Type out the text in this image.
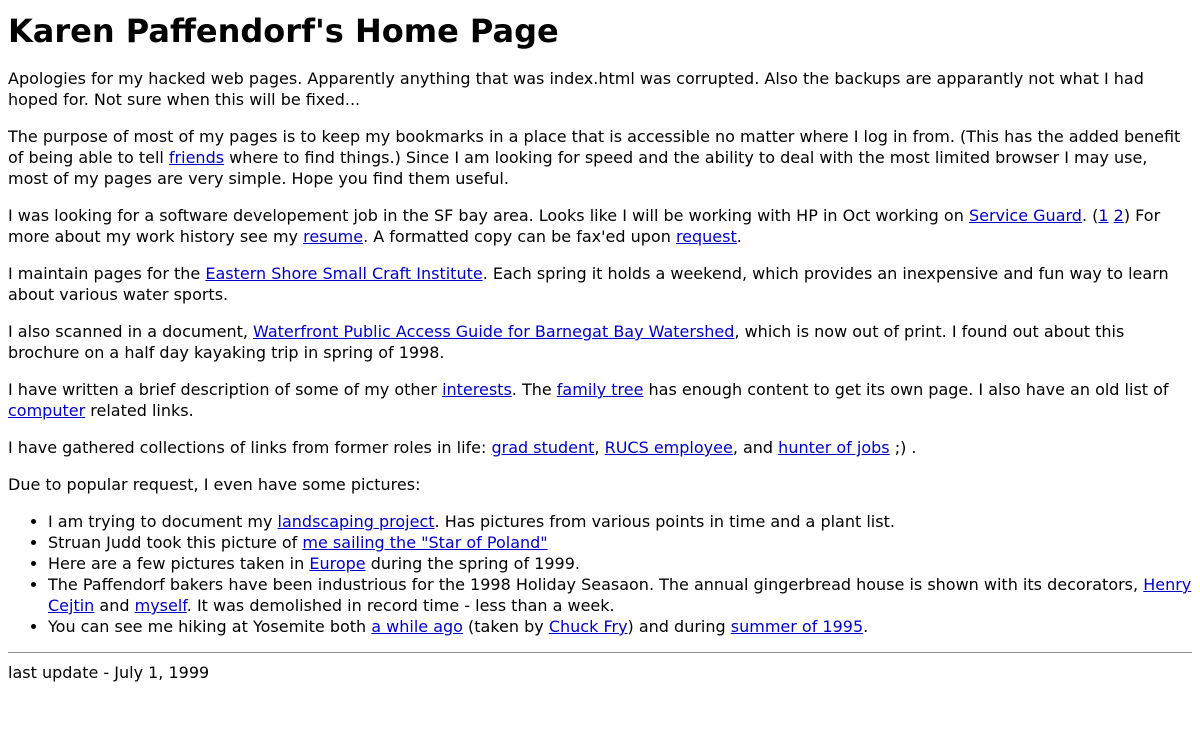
Karen Paffendorf's Home Page

Apologies for my hacked web pages. Apparently anything that was index.html was corrupted. Also the backups are apparantly not what I had hoped for. Not sure when this will be fixed...

The purpose of most of my pages is to keep my bookmarks in a place that is accessible no matter where I log in from. (This has the added benefit of being able to tell friends where to find things.) Since I am looking for speed and the ability to deal with the most limited browser I may use, most of my pages are very simple. Hope you find them useful.

I was looking for a software developement job in the SF bay area. Looks like I will be working with HP in Oct working on Service Guard. (1 2) For more about my work history see my resume. A formatted copy can be fax'ed upon request.

I maintain pages for the Eastern Shore Small Craft Institute. Each spring it holds a weekend, which provides an inexpensive and fun way to learn about various water sports.

I also scanned in a document, Waterfront Public Access Guide for Barnegat Bay Watershed, which is now out of print. I found out about this brochure on a half day kayaking trip in spring of 1998.

I have written a brief description of some of my other interests. The family tree has enough content to get its own page. I also have an old list of computer related links.

I have gathered collections of links from former roles in life: grad student, RUCS employee, and hunter of jobs ;) .

Due to popular request, I even have some pictures:

• I am trying to document my landscaping project. Has pictures from various points in time and a plant list.
• Struan Judd took this picture of me sailing the "Star of Poland"
• Here are a few pictures taken in Europe during the spring of 1999.
• The Paffendorf bakers have been industrious for the 1998 Holiday Seasaon. The annual gingerbread house is shown with its decorators, Henry Cejtin and myself. It was demolished in record time - less than a week.
• You can see me hiking at Yosemite both a while ago (taken by Chuck Fry) and during summer of 1995.
last update - July 1, 1999
